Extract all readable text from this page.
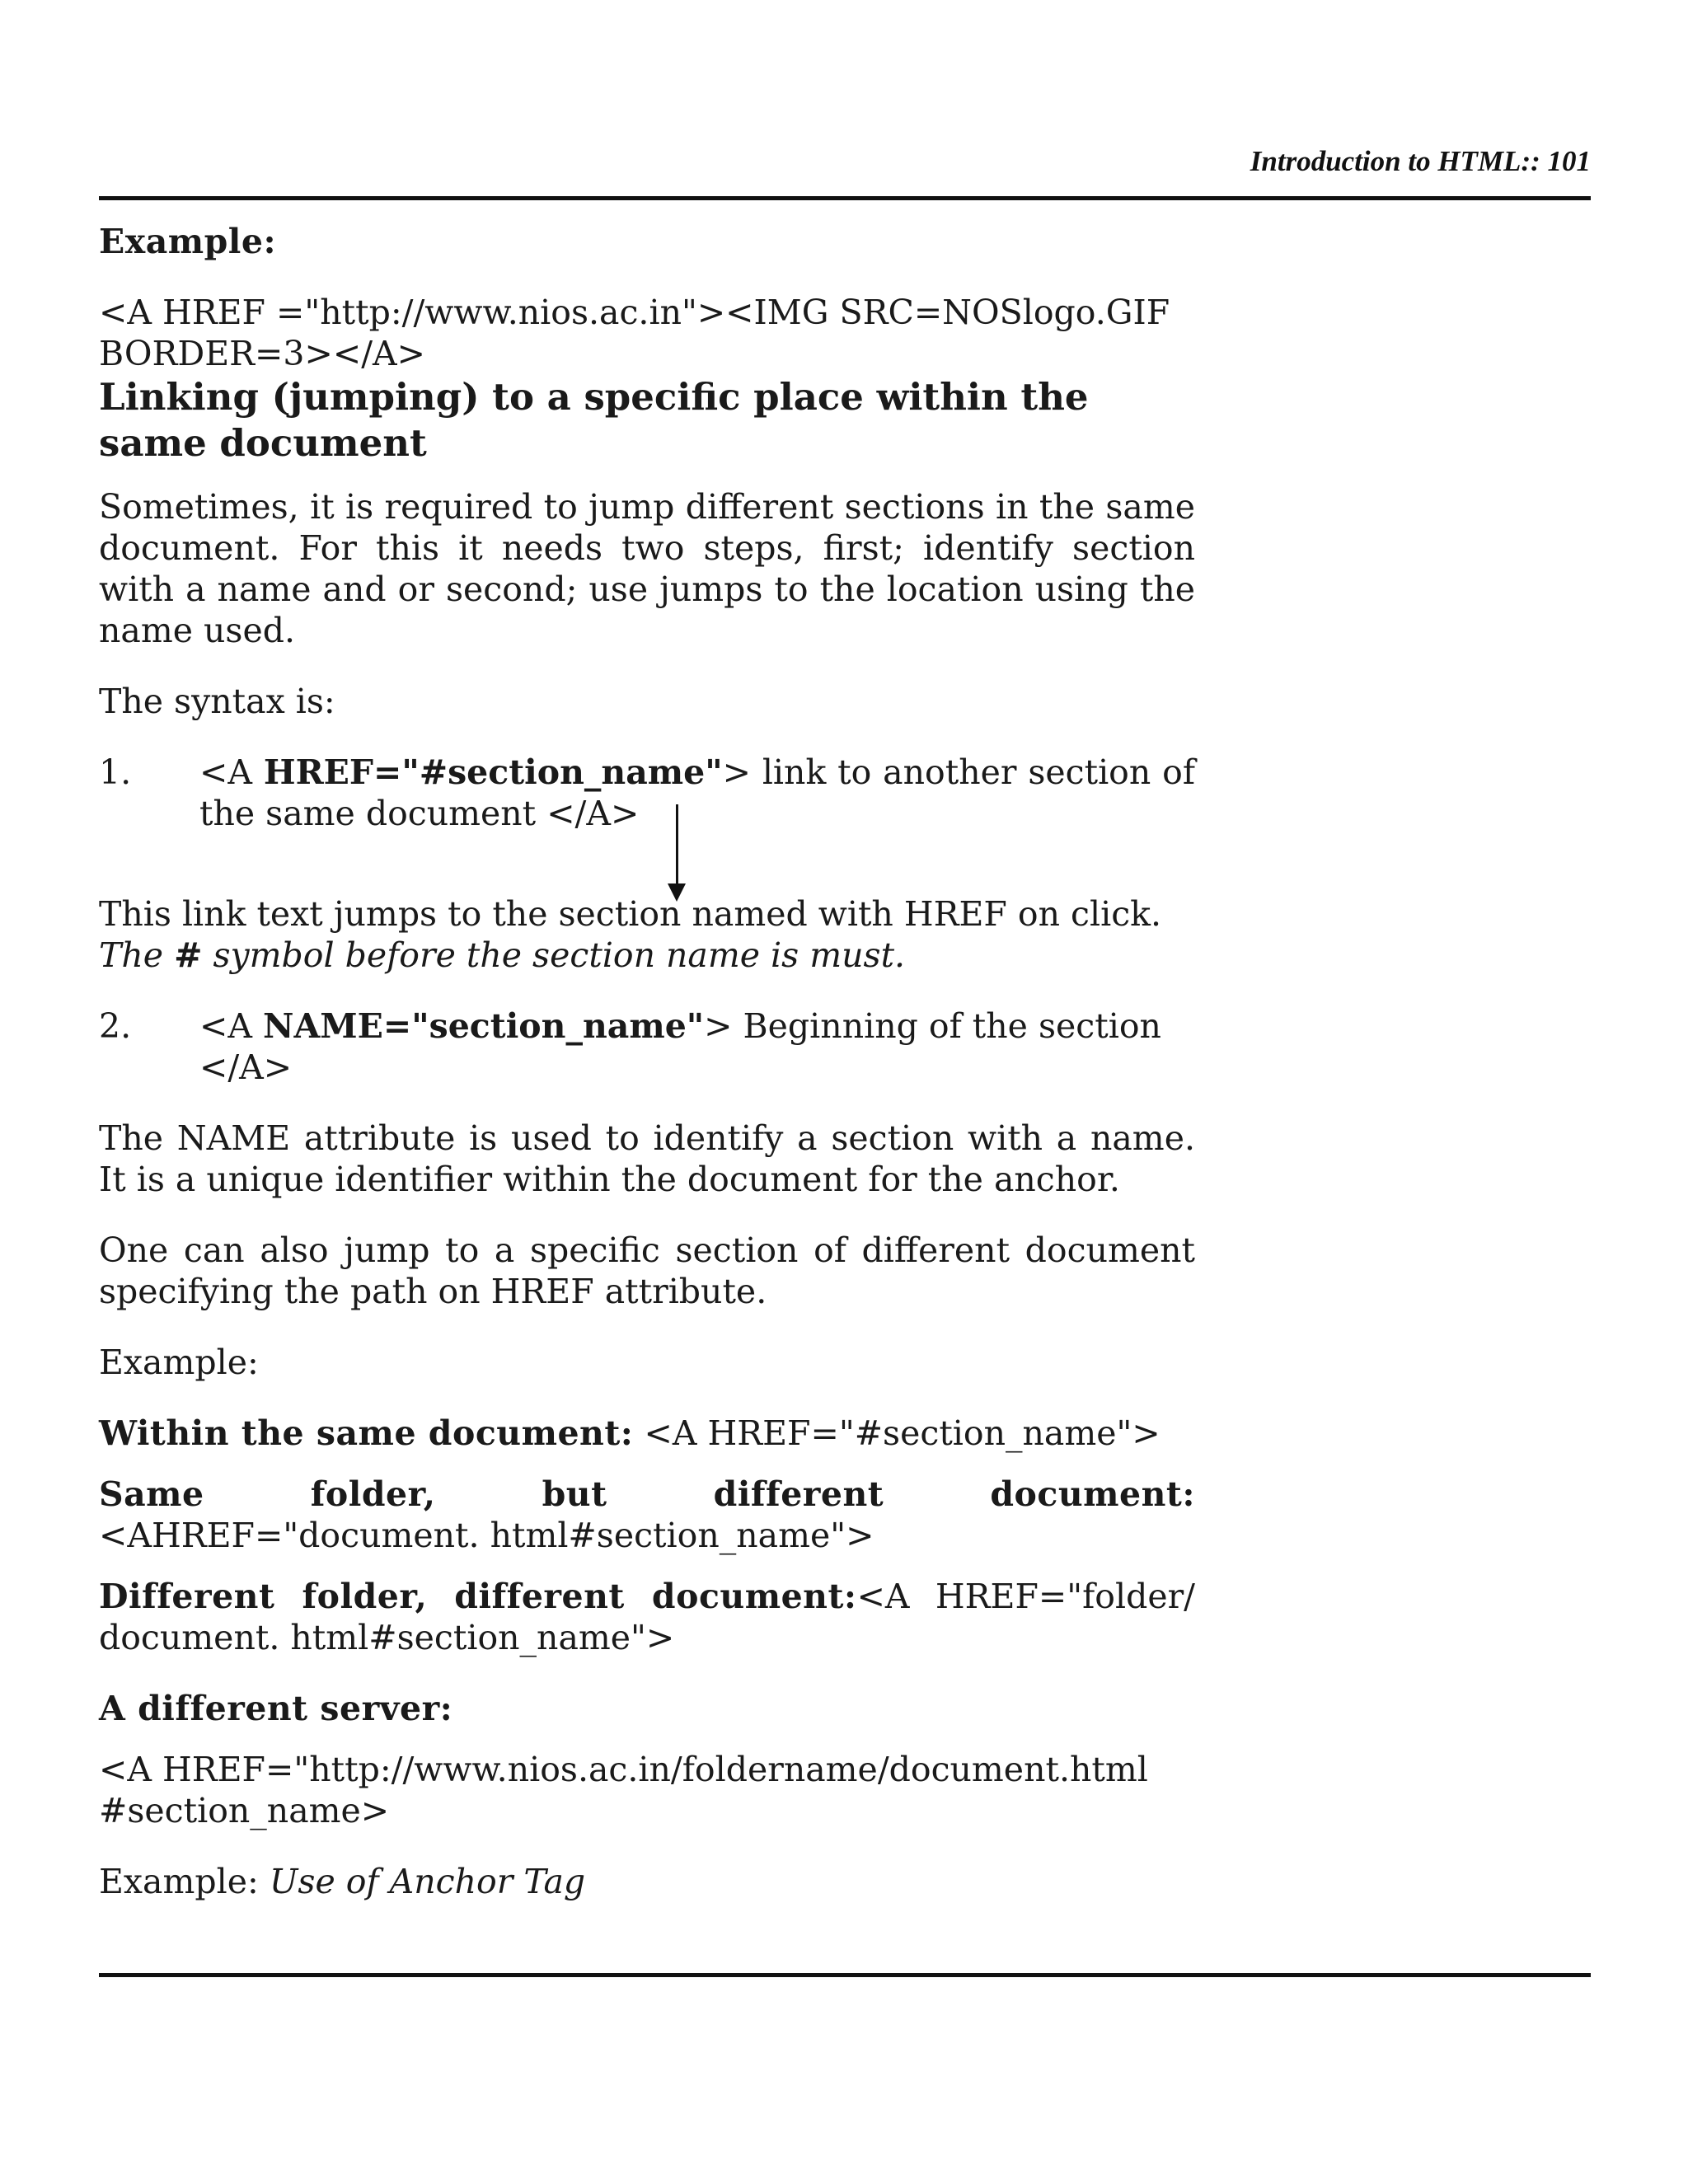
Introduction to HTML:: 101

Example:

<A HREF ="http://www.nios.ac.in"><IMG SRC=NOSlogo.GIF
BORDER=3></A>

Linking (jumping) to a specific place within the same document

Sometimes, it is required to jump different sections in the same document. For this it needs two steps, first; identify section with a name and or second; use jumps to the location using the name used.

The syntax is:

1.	<A HREF="#section_name"> link to another section of the same document </A>

This link text jumps to the section named with HREF on click.
The # symbol before the section name is must.

2.	<A NAME="section_name"> Beginning of the section </A>

The NAME attribute is used to identify a section with a name. It is a unique identifier within the document for the anchor.

One can also jump to a specific section of different document specifying the path on HREF attribute.

Example:

Within the same document: <A HREF="#section_name">

Same folder, but different document: <AHREF="document. html#section_name">

Different folder, different document:<A HREF="folder/ document. html#section_name">

A different server:

<A HREF="http://www.nios.ac.in/foldername/document.html
#section_name>

Example: Use of Anchor Tag
